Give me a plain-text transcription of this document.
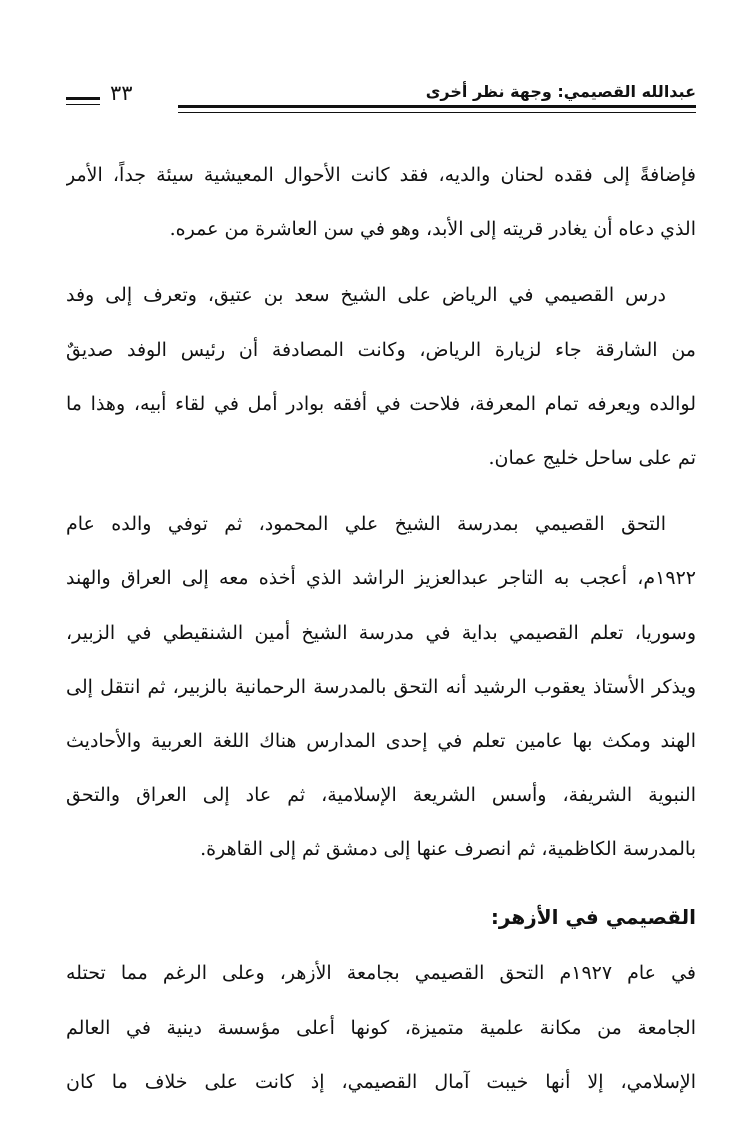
٣٣	عبدالله القصيمي: وجهة نظر أخرى
فإضافةً إلى فقده لحنان والديه، فقد كانت الأحوال المعيشية سيئة جداً، الأمر
الذي دعاه أن يغادر قريته إلى الأبد، وهو في سن العاشرة من عمره.
درس القصيمي في الرياض على الشيخ سعد بن عتيق، وتعرف إلى وفد
من الشارقة جاء لزيارة الرياض، وكانت المصادفة أن رئيس الوفد صديقٌ
لوالده ويعرفه تمام المعرفة، فلاحت في أفقه بوادر أمل في لقاء أبيه، وهذا ما
تم على ساحل خليج عمان.
التحق القصيمي بمدرسة الشيخ علي المحمود، ثم توفي والده عام
١٩٢٢م، أعجب به التاجر عبدالعزيز الراشد الذي أخذه معه إلى العراق والهند
وسوريا، تعلم القصيمي بداية في مدرسة الشيخ أمين الشنقيطي في الزبير،
ويذكر الأستاذ يعقوب الرشيد أنه التحق بالمدرسة الرحمانية بالزبير، ثم انتقل إلى
الهند ومكث بها عامين تعلم في إحدى المدارس هناك اللغة العربية والأحاديث
النبوية الشريفة، وأسس الشريعة الإسلامية، ثم عاد إلى العراق والتحق
بالمدرسة الكاظمية، ثم انصرف عنها إلى دمشق ثم إلى القاهرة.
القصيمي في الأزهر:
في عام ١٩٢٧م التحق القصيمي بجامعة الأزهر، وعلى الرغم مما تحتله
الجامعة من مكانة علمية متميزة، كونها أعلى مؤسسة دينية في العالم
الإسلامي، إلا أنها خيبت آمال القصيمي، إذ كانت على خلاف ما كان
